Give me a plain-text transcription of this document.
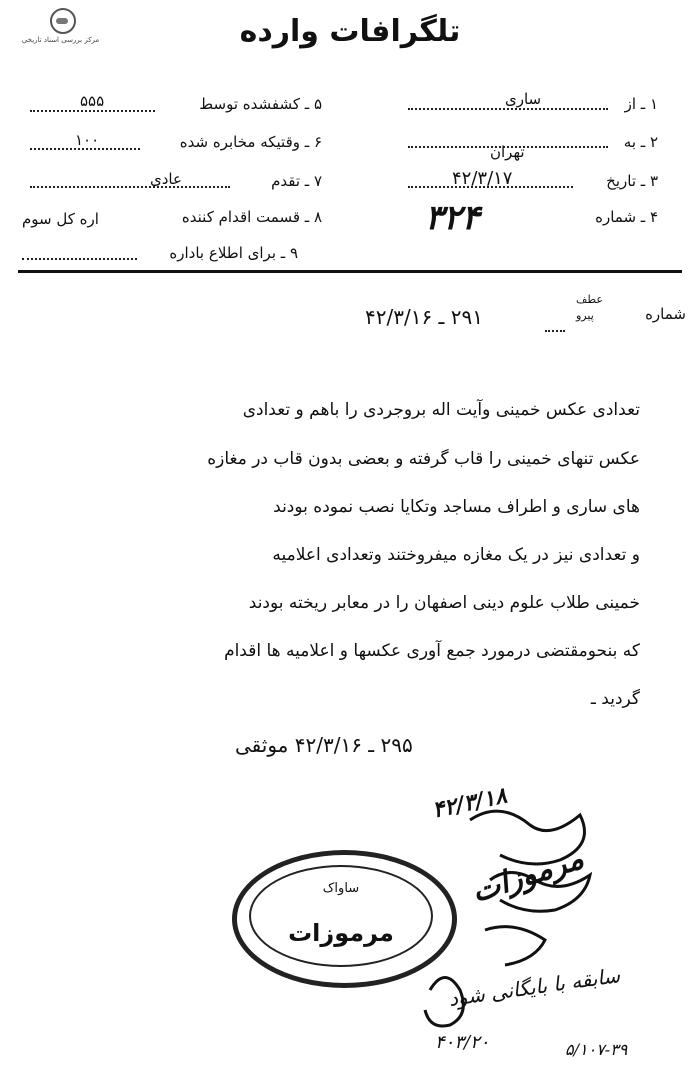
مرکز بررسی اسناد تاریخی	تلگرافات وارده
۱ ـ از
ساری
۲ ـ به
تهران
۳ ـ تاریخ
۴۲/۳/۱۷
۴ ـ شماره
۳۲۴
۵ ـ کشفشده توسط
۵۵۵
۶ ـ وقتیکه مخابره شده
۱۰۰
۷ ـ تقدم
عادی
۸ ـ قسمت اقدام کننده
اره کل سوم
۹ ـ برای اطلاع باداره
شماره
عطف
پیرو
۲۹۱ ـ ۴۲/۳/۱۶
تعدادی عکس خمینی وآیت اله بروجردی را باهم و تعدادی
عکس تنهای خمینی را قاب گرفته و بعضی بدون قاب در مغازه
های ساری و اطراف مساجد وتکایا نصب نموده بودند
و تعدادی نیز در یک مغازه میفروختند وتعدادی اعلامیه
خمینی طلاب علوم دینی اصفهان را در معابر ریخته بودند
که بنحومقتضی درمورد جمع آوری عکسها و اعلامیه ها اقدام
گردید ـ
۲۹۵ ـ ۴۲/۳/۱۶ موثقی
۴۲/۳/۱۸
مرموزات
سابقه با بایگانی شود
۴۰۳/۲۰	۵/۱۰۷-۳۹
ساواک
مرموزات
